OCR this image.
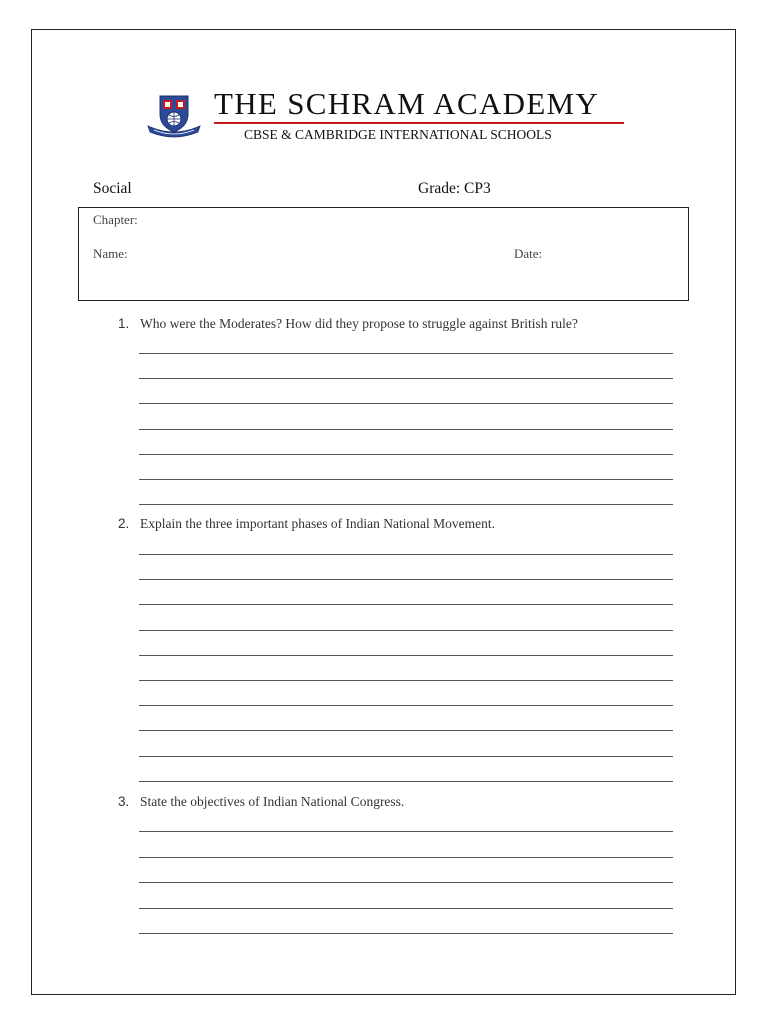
THE SCHRAM ACADEMY
CBSE & CAMBRIDGE INTERNATIONAL SCHOOLS
Social	Grade: CP3
Chapter:
Name:	Date:
1. Who were the Moderates? How did they propose to struggle against British rule?
2. Explain the three important phases of Indian National Movement.
3. State the objectives of Indian National Congress.
